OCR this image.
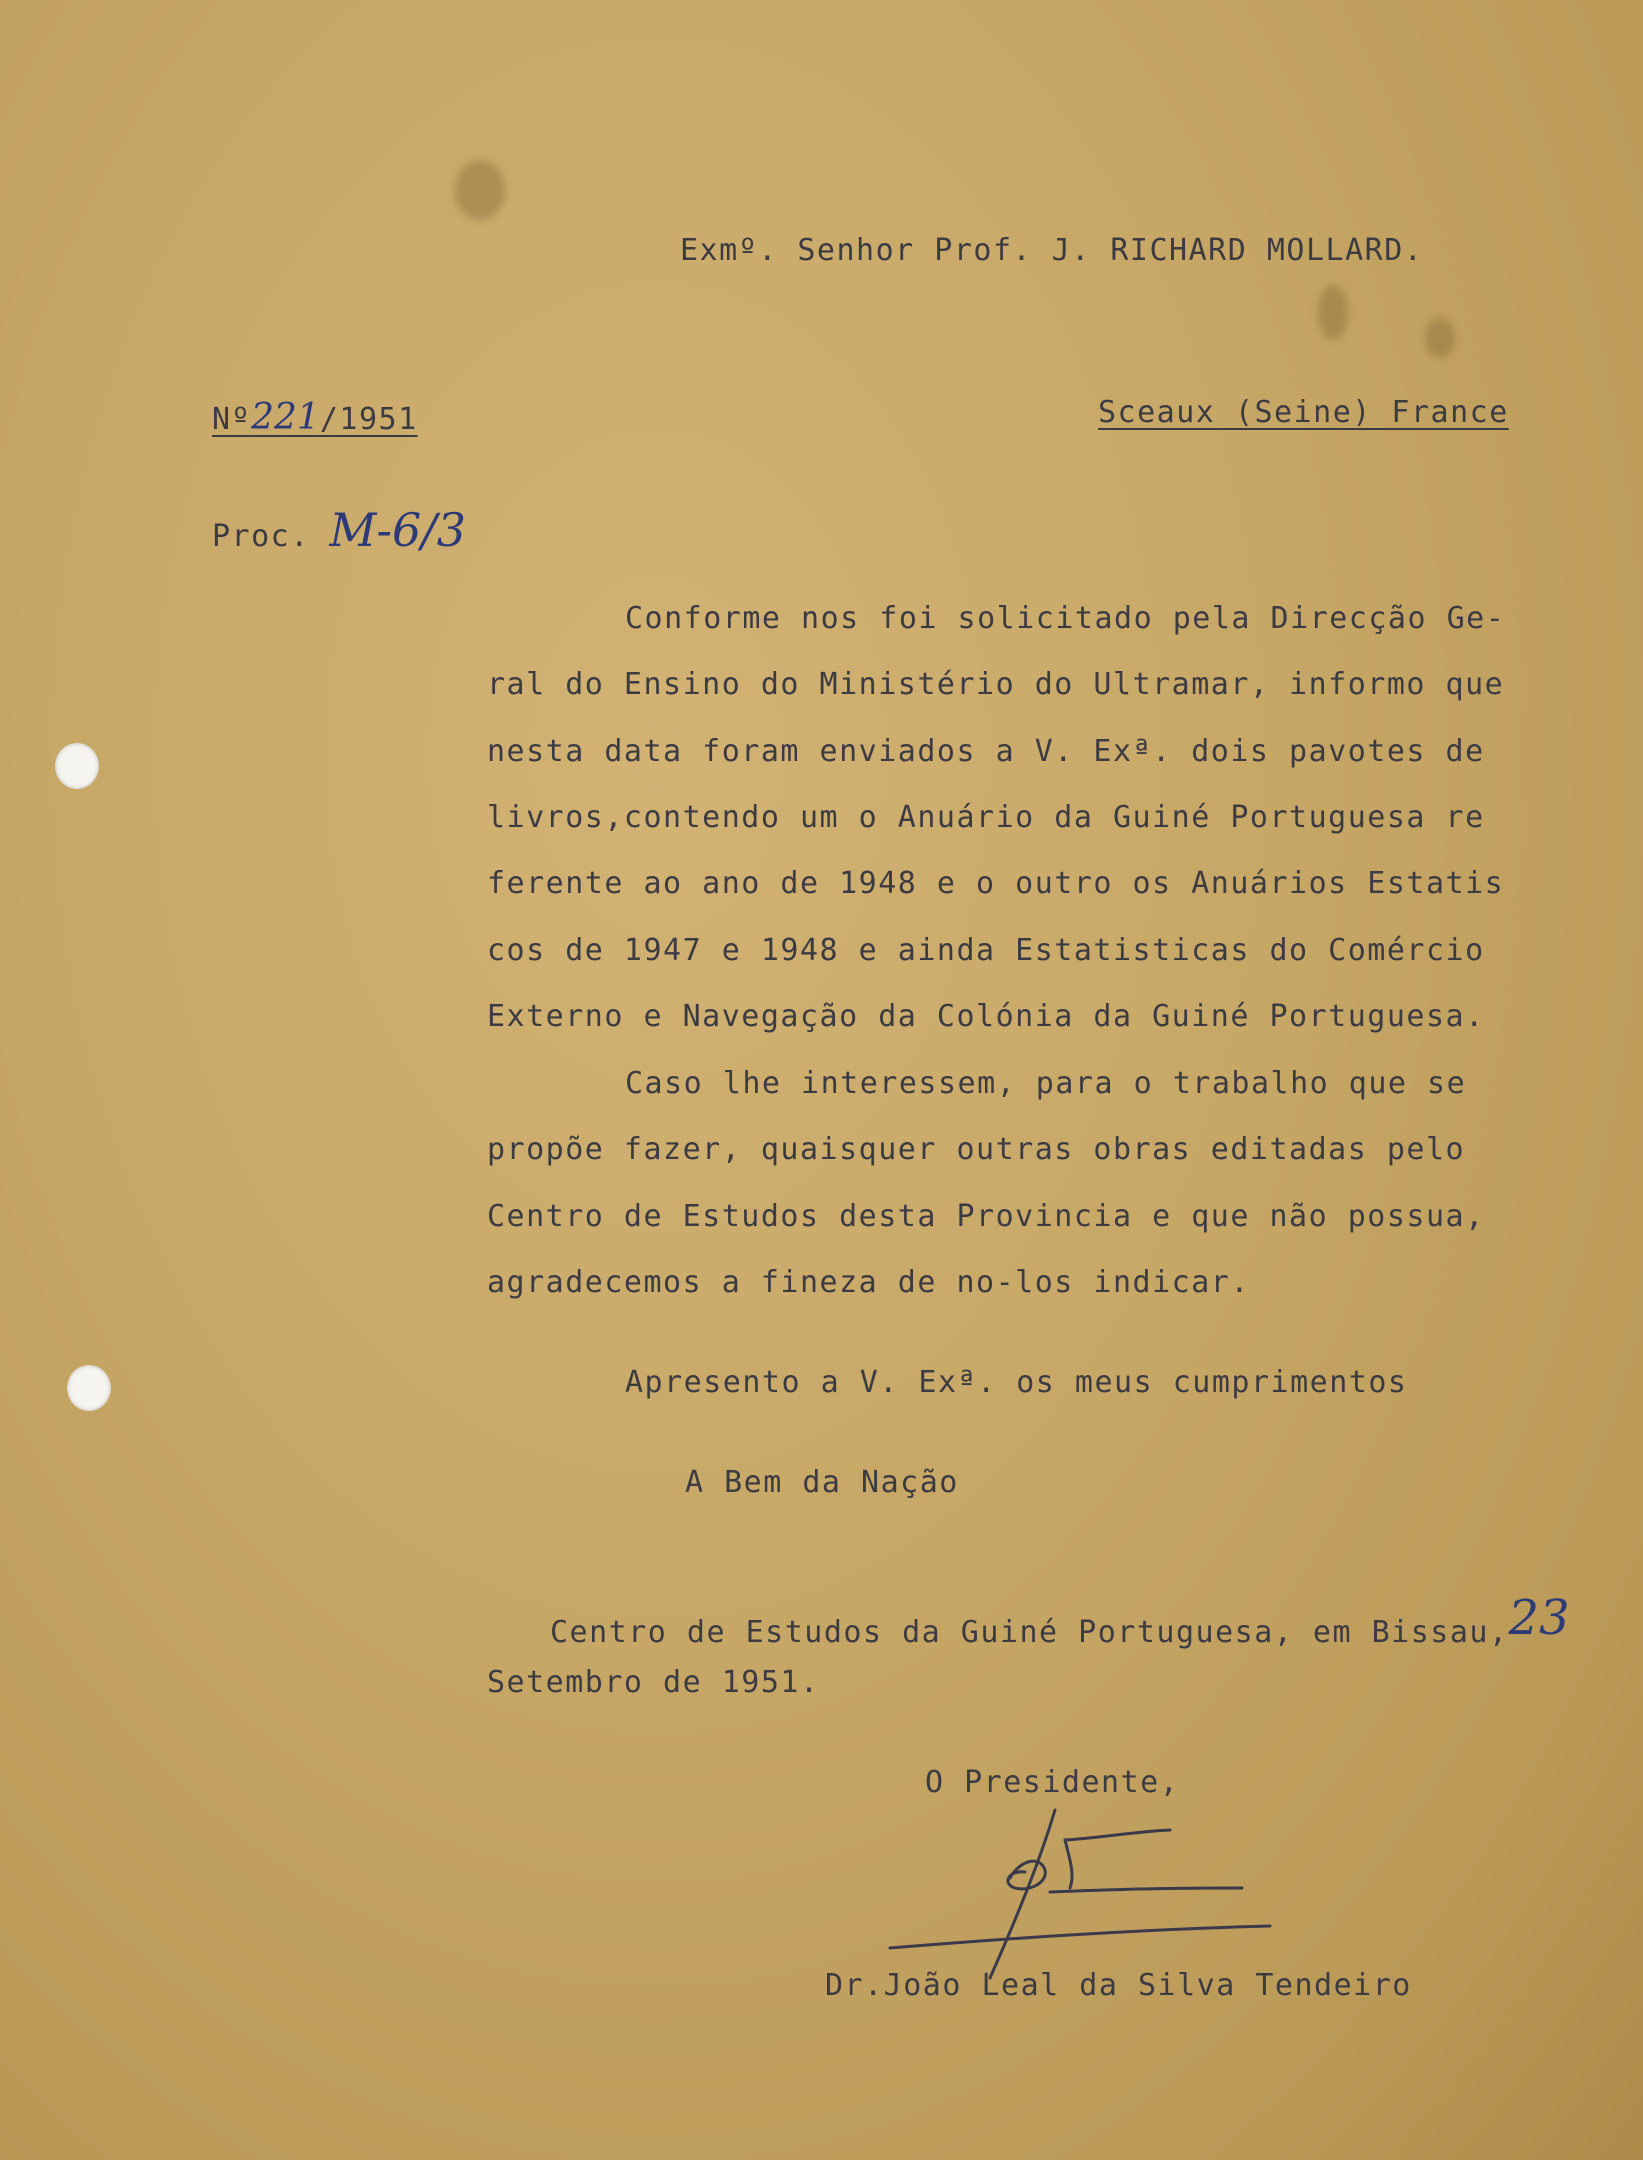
Exmº. Senhor Prof. J. RICHARD MOLLARD.
Nº221/1951	Sceaux (Seine) France
Proc. M-6/3
Conforme nos foi solicitado pela Direcção Ge-
ral do Ensino do Ministério do Ultramar, informo que
nesta data foram enviados a V. Exª. dois pavotes de
livros,contendo um o Anuário da Guiné Portuguesa re
ferente ao ano de 1948 e o outro os Anuários Estatis
cos de 1947 e 1948 e ainda Estatisticas do Comércio
Externo e Navegação da Colónia da Guiné Portuguesa.
Caso lhe interessem, para o trabalho que se
propõe fazer, quaisquer outras obras editadas pelo
Centro de Estudos desta Provincia e que não possua,
agradecemos a fineza de no-los indicar.
Apresento a V. Exª. os meus cumprimentos
A Bem da Nação
Centro de Estudos da Guiné Portuguesa, em Bissau,23
Setembro de 1951.
O Presidente,
Dr.João Leal da Silva Tendeiro
